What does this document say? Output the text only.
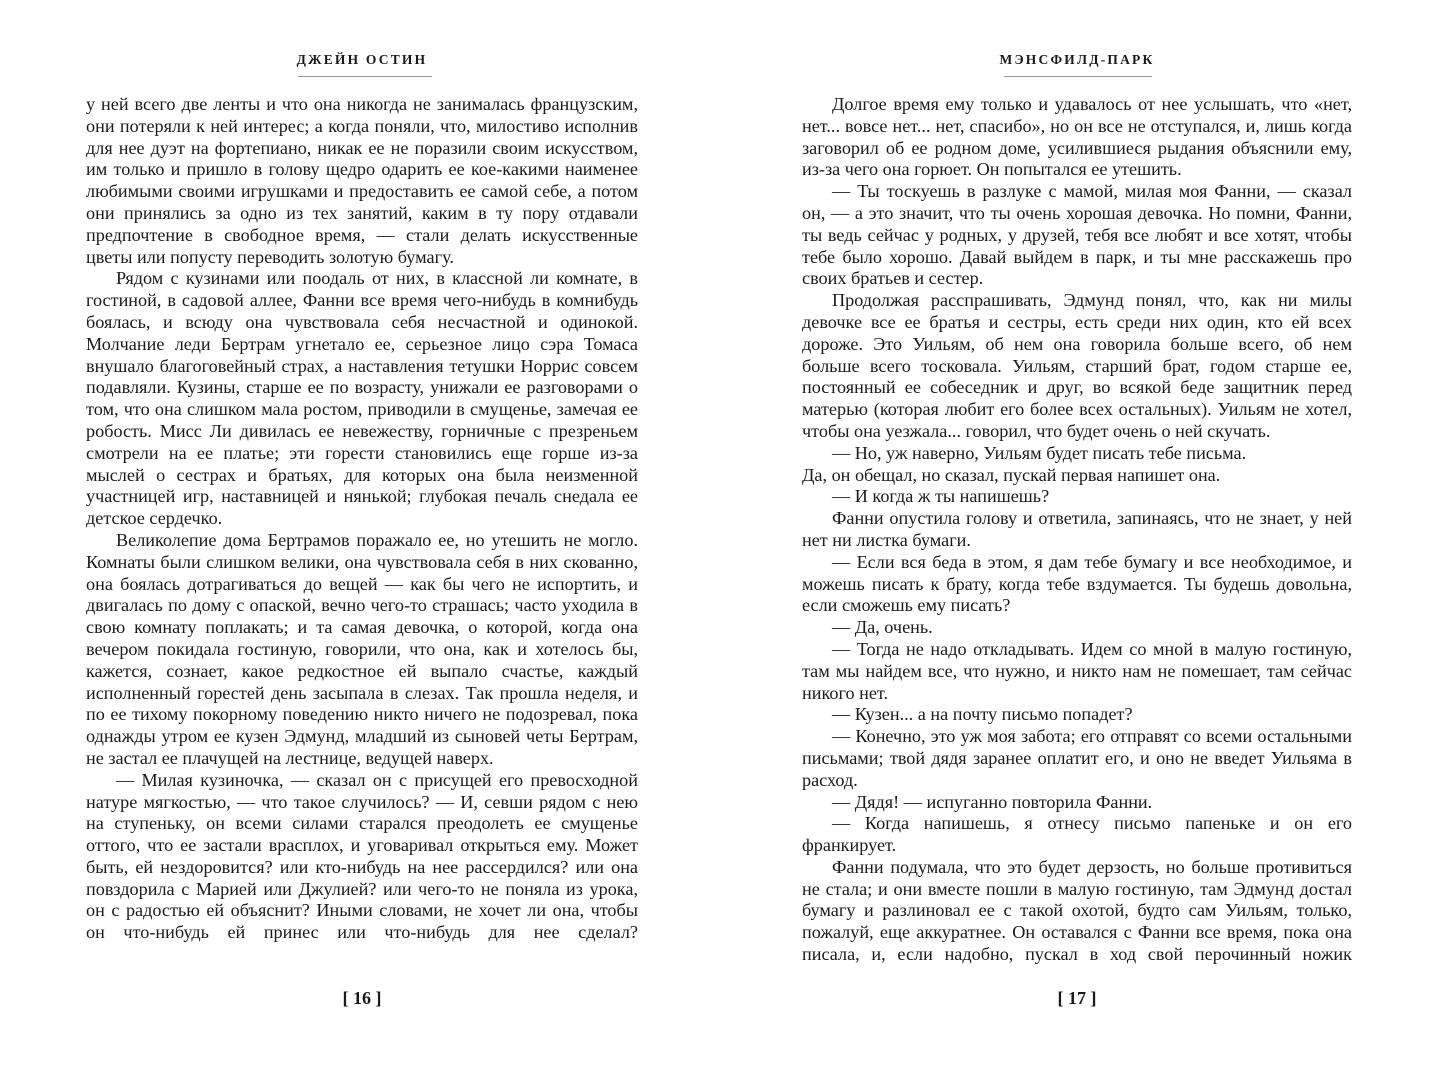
ДЖЕЙН ОСТИН

у нeй всего две ленты и что она никогда не занималась французским, они потеряли к нeй интерес; а когда поняли, что, милостиво исполнив для нее дуэт на фортепиано, никак ее не поразили своим искусством, им только и пришло в голову щедро одарить ее кое-какими наименее любимыми своими игрушками и предоставить ее самой себе, а потом они принялись за одно из тех занятий, каким в ту пору отдавали предпочтение в свободное время, — стали делать искусственные цветы или попусту переводить золотую бумагу.

Рядом с кузинами или поодаль от них, в классной ли комнате, в гостиной, в садовой аллее, Фанни все время чего-нибудь в комнибудь боялась, и всюду она чувствовала себя несчастной и одинокой. Молчание леди Бертрам угнетало ее, серьезное лицо сэра Томаса внушало благоговейный страх, а наставления тетушки Норрис совсем подавляли. Кузины, старше ее по возрасту, унижали ее разговорами о том, что она слишком мала ростом, приводили в смущенье, замечая ее робость. Мисс Ли дивилась ее невежеству, горничные с презреньем смотрели на ее платье; эти горести становились еще горше из-за мыслей о сестрах и братьях, для которых она была неизменной участницей игр, наставницей и нянькой; глубокая печаль снедала ее детское сердечко.

Великолепие дома Бертрамов поражало ее, но утешить не могло. Комнаты были слишком велики, она чувствовала себя в них скованно, она боялась дотрагиваться до вещей — как бы чего не испортить, и двигалась по дому с опаской, вечно чего-то страшась; часто уходила в свою комнату поплакать; и та самая девочка, о которой, когда она вечером покидала гостиную, говорили, что она, как и хотелось бы, кажется, сознает, какое редкостное ей выпало счастье, каждый исполненный горестей день засыпала в слезах. Так прошла неделя, и по ее тихому покорному поведению никто ничего не подозревал, пока однажды утром ее кузен Эдмунд, младший из сыновей четы Бертрам, не застал ее плачущей на лестнице, ведущей наверх.

— Милая кузиночка, — сказал он с присущей его превосходной натуре мягкостью, — что такое случилось? — И, севши рядом с нею на ступеньку, он всеми силами старался преодолеть ее смущенье оттого, что ее застали врасплох, и уговаривал открыться ему. Может быть, ей нездоровится? или кто-нибудь на нее рассердился? или она повздорила с Марией или Джулией? или чего-то не поняла из урока, он с радостью ей объяснит? Иными словами, не хочет ли она, чтобы он что-нибудь ей принес или что-нибудь для нее сделал?

[ 16 ]
МЭНСФИЛД-ПАРК

Долгое время ему только и удавалось от нее услышать, что «нет, нет... вовсе нет... нет, спасибо», но он все не отступался, и, лишь когда заговорил об ее родном доме, усилившиеся рыдания объяснили ему, из-за чего она горюет. Он попытался ее утешить.

— Ты тоскуешь в разлуке с мамой, милая моя Фанни, — сказал он, — а это значит, что ты очень хорошая девочка. Но помни, Фанни, ты ведь сейчас у родных, у друзей, тебя все любят и все хотят, чтобы тебе было хорошо. Давай выйдем в парк, и ты мне расскажешь про своих братьев и сестер.

Продолжая расспрашивать, Эдмунд понял, что, как ни милы девочке все ее братья и сестры, есть среди них один, кто ей всех дороже. Это Уильям, об нем она говорила больше всего, об нем больше всего тосковала. Уильям, старший брат, годом старше ее, постоянный ее собеседник и друг, во всякой беде защитник перед матерью (которая любит его более всех остальных). Уильям не хотел, чтобы она уезжала... говорил, что будет очень о нeй скучать.

— Но, уж наверно, Уильям будет писать тебе письма.

Да, он обещал, но сказал, пускай первая напишет она.

— И когда ж ты напишешь?

Фанни опустила голову и ответила, запинаясь, что не знает, у нeй нет ни листка бумаги.

— Если вся беда в этом, я дам тебе бумагу и все необходимое, и можешь писать к брату, когда тебе вздумается. Ты будешь довольна, если сможешь ему писать?

— Да, очень.

— Тогда не надо откладывать. Идем со мной в малую гостиную, там мы найдем все, что нужно, и никто нам не помешает, там сейчас никого нет.

— Кузен... а на почту письмо попадет?

— Конечно, это уж моя забота; его отправят со всеми остальными письмами; твой дядя заранее оплатит его, и оно не введет Уильяма в расход.

— Дядя! — испуганно повторила Фанни.

— Когда напишешь, я отнесу письмо папеньке и он его франкирует.

Фанни подумала, что это будет дерзость, но больше противиться не стала; и они вместе пошли в малую гостиную, там Эдмунд достал бумагу и разлиновал ее с такой охотой, будто сам Уильям, только, пожалуй, еще аккуратнее. Он оставался с Фанни все время, пока она писала, и, если надобно, пускал в ход свой перочинный ножик

[ 17 ]
